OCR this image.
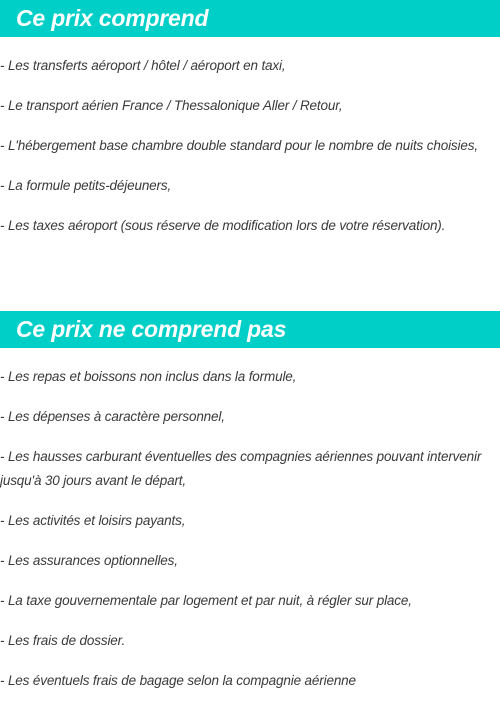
Ce prix comprend
- Les transferts aéroport / hôtel / aéroport en taxi,
- Le transport aérien France / Thessalonique Aller / Retour,
- L'hébergement base chambre double standard pour le nombre de nuits choisies,
- La formule petits-déjeuners,
- Les taxes aéroport (sous réserve de modification lors de votre réservation).
Ce prix ne comprend pas
- Les repas et boissons non inclus dans la formule,
- Les dépenses à caractère personnel,
- Les hausses carburant éventuelles des compagnies aériennes pouvant intervenir jusqu'à 30 jours avant le départ,
- Les activités et loisirs payants,
- Les assurances optionnelles,
- La taxe gouvernementale par logement et par nuit, à régler sur place,
- Les frais de dossier.
- Les éventuels frais de bagage selon la compagnie aérienne
